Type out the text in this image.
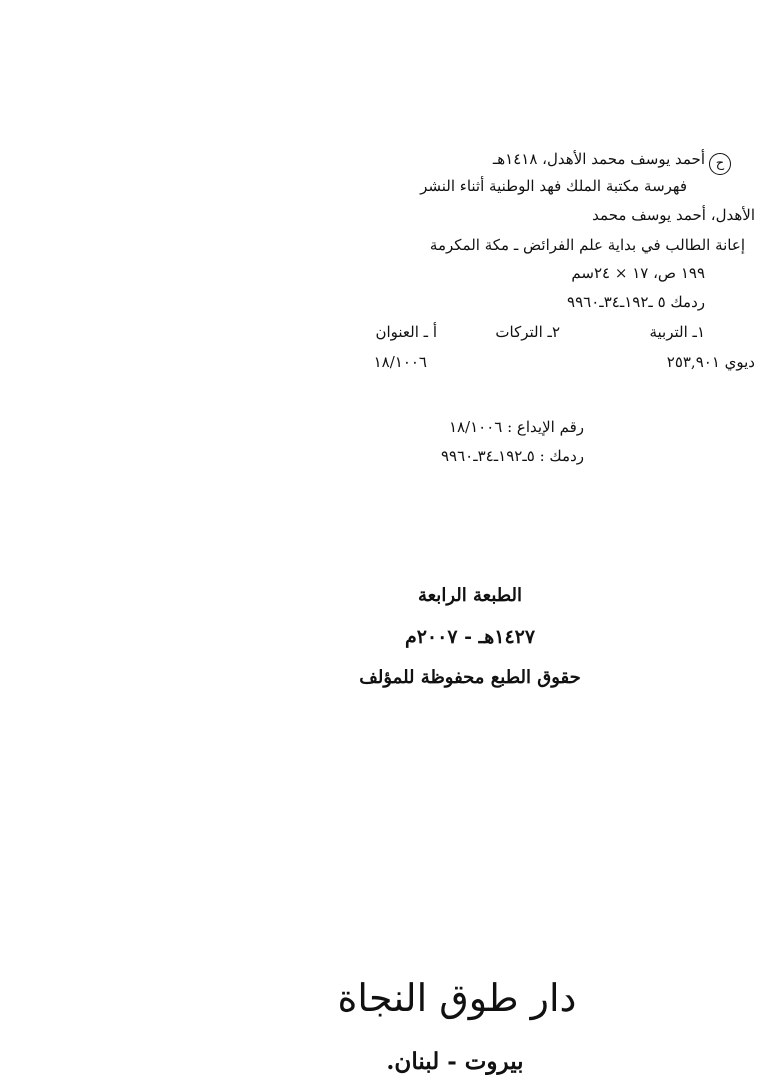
ح
أحمد يوسف محمد الأهدل، ١٤١٨هـ
فهرسة مكتبة الملك فهد الوطنية أثناء النشر
الأهدل، أحمد يوسف محمد
إعانة الطالب في بداية علم الفرائض ـ مكة المكرمة
١٩٩ ص، ١٧ × ٢٤سم
ردمك ٥ ـ١٩٢ـ٣٤ـ٩٩٦٠
١ـ التربية
٢ـ التركات
أ ـ العنوان
ديوي ٢٥٣,٩٠١
١٨/١٠٠٦
رقم الإيداع : ١٨/١٠٠٦
ردمك : ٥ـ١٩٢ـ٣٤ـ٩٩٦٠
الطبعة الرابعة
١٤٢٧هـ - ٢٠٠٧م
حقوق الطبع محفوظة للمؤلف
دار طوق النجاة
بيروت - لبنان.
